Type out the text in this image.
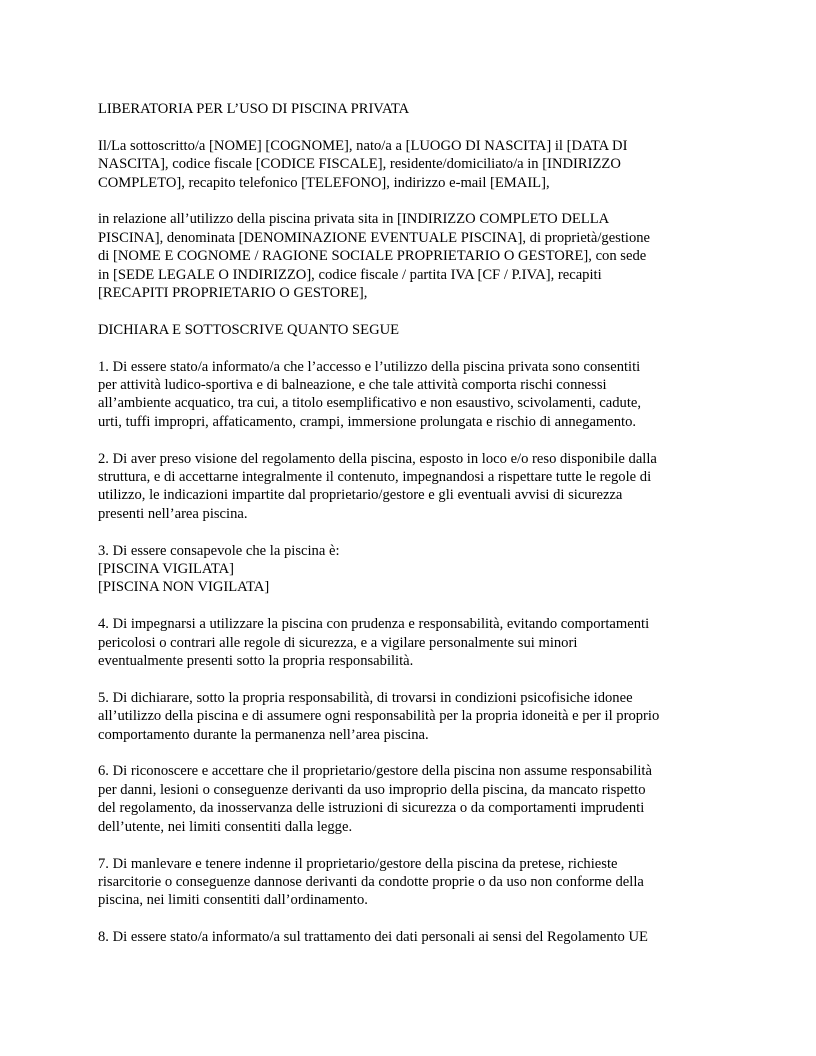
LIBERATORIA PER L’USO DI PISCINA PRIVATA
Il/La sottoscritto/a [NOME] [COGNOME], nato/a a [LUOGO DI NASCITA] il [DATA DI
NASCITA], codice fiscale [CODICE FISCALE], residente/domiciliato/a in [INDIRIZZO
COMPLETO], recapito telefonico [TELEFONO], indirizzo e-mail [EMAIL],
in relazione all’utilizzo della piscina privata sita in [INDIRIZZO COMPLETO DELLA
PISCINA], denominata [DENOMINAZIONE EVENTUALE PISCINA], di proprietà/gestione
di [NOME E COGNOME / RAGIONE SOCIALE PROPRIETARIO O GESTORE], con sede
in [SEDE LEGALE O INDIRIZZO], codice fiscale / partita IVA [CF / P.IVA], recapiti
[RECAPITI PROPRIETARIO O GESTORE],
DICHIARA E SOTTOSCRIVE QUANTO SEGUE
1. Di essere stato/a informato/a che l’accesso e l’utilizzo della piscina privata sono consentiti
per attività ludico-sportiva e di balneazione, e che tale attività comporta rischi connessi
all’ambiente acquatico, tra cui, a titolo esemplificativo e non esaustivo, scivolamenti, cadute,
urti, tuffi impropri, affaticamento, crampi, immersione prolungata e rischio di annegamento.
2. Di aver preso visione del regolamento della piscina, esposto in loco e/o reso disponibile dalla
struttura, e di accettarne integralmente il contenuto, impegnandosi a rispettare tutte le regole di
utilizzo, le indicazioni impartite dal proprietario/gestore e gli eventuali avvisi di sicurezza
presenti nell’area piscina.
3. Di essere consapevole che la piscina è:
[PISCINA VIGILATA]
[PISCINA NON VIGILATA]
4. Di impegnarsi a utilizzare la piscina con prudenza e responsabilità, evitando comportamenti
pericolosi o contrari alle regole di sicurezza, e a vigilare personalmente sui minori
eventualmente presenti sotto la propria responsabilità.
5. Di dichiarare, sotto la propria responsabilità, di trovarsi in condizioni psicofisiche idonee
all’utilizzo della piscina e di assumere ogni responsabilità per la propria idoneità e per il proprio
comportamento durante la permanenza nell’area piscina.
6. Di riconoscere e accettare che il proprietario/gestore della piscina non assume responsabilità
per danni, lesioni o conseguenze derivanti da uso improprio della piscina, da mancato rispetto
del regolamento, da inosservanza delle istruzioni di sicurezza o da comportamenti imprudenti
dell’utente, nei limiti consentiti dalla legge.
7. Di manlevare e tenere indenne il proprietario/gestore della piscina da pretese, richieste
risarcitorie o conseguenze dannose derivanti da condotte proprie o da uso non conforme della
piscina, nei limiti consentiti dall’ordinamento.
8. Di essere stato/a informato/a sul trattamento dei dati personali ai sensi del Regolamento UE
